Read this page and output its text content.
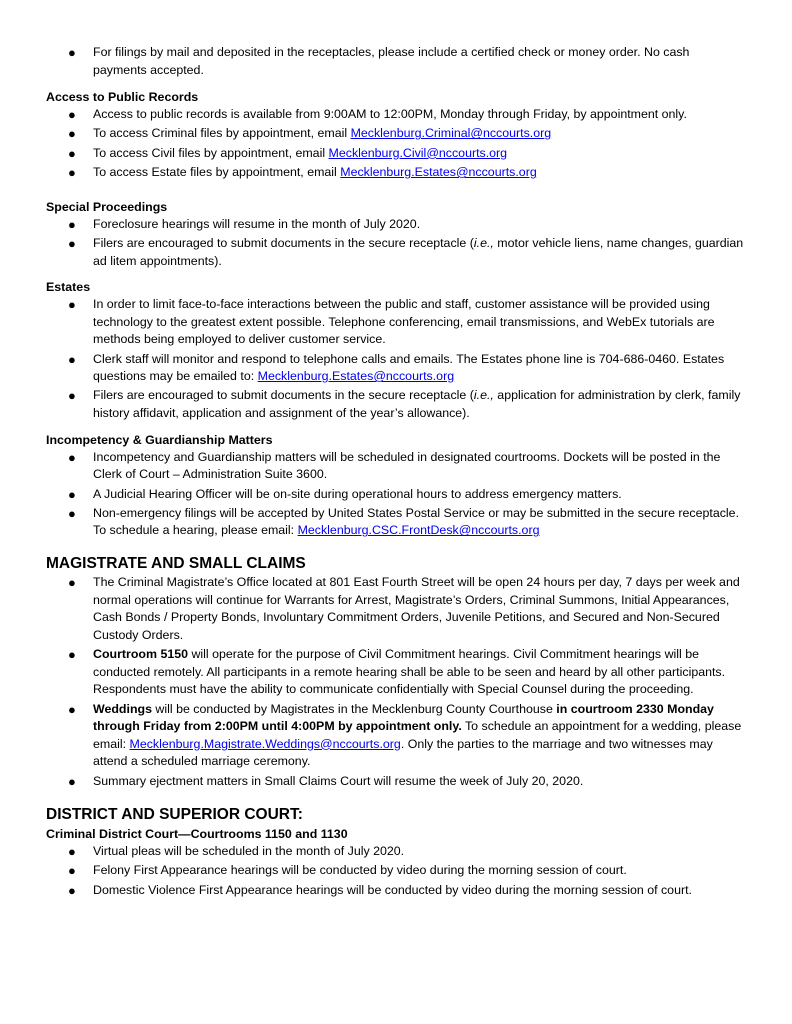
● For filings by mail and deposited in the receptacles, please include a certified check or money order. No cash payments accepted.

Access to Public Records

● Access to public records is available from 9:00AM to 12:00PM, Monday through Friday, by appointment only.
● To access Criminal files by appointment, email Mecklenburg.Criminal@nccourts.org
● To access Civil files by appointment, email Mecklenburg.Civil@nccourts.org
● To access Estate files by appointment, email Mecklenburg.Estates@nccourts.org

Special Proceedings

● Foreclosure hearings will resume in the month of July 2020.
● Filers are encouraged to submit documents in the secure receptacle (i.e., motor vehicle liens, name changes, guardian ad litem appointments).

Estates

● In order to limit face-to-face interactions between the public and staff, customer assistance will be provided using technology to the greatest extent possible. Telephone conferencing, email transmissions, and WebEx tutorials are methods being employed to deliver customer service.
● Clerk staff will monitor and respond to telephone calls and emails. The Estates phone line is 704-686-0460. Estates questions may be emailed to: Mecklenburg.Estates@nccourts.org
● Filers are encouraged to submit documents in the secure receptacle (i.e., application for administration by clerk, family history affidavit, application and assignment of the year’s allowance).

Incompetency & Guardianship Matters

● Incompetency and Guardianship matters will be scheduled in designated courtrooms. Dockets will be posted in the Clerk of Court – Administration Suite 3600.
● A Judicial Hearing Officer will be on-site during operational hours to address emergency matters.
● Non-emergency filings will be accepted by United States Postal Service or may be submitted in the secure receptacle. To schedule a hearing, please email: Mecklenburg.CSC.FrontDesk@nccourts.org

MAGISTRATE AND SMALL CLAIMS

● The Criminal Magistrate’s Office located at 801 East Fourth Street will be open 24 hours per day, 7 days per week and normal operations will continue for Warrants for Arrest, Magistrate’s Orders, Criminal Summons, Initial Appearances, Cash Bonds / Property Bonds, Involuntary Commitment Orders, Juvenile Petitions, and Secured and Non-Secured Custody Orders.
● Courtroom 5150 will operate for the purpose of Civil Commitment hearings. Civil Commitment hearings will be conducted remotely. All participants in a remote hearing shall be able to be seen and heard by all other participants. Respondents must have the ability to communicate confidentially with Special Counsel during the proceeding.
● Weddings will be conducted by Magistrates in the Mecklenburg County Courthouse in courtroom 2330 Monday through Friday from 2:00PM until 4:00PM by appointment only. To schedule an appointment for a wedding, please email: Mecklenburg.Magistrate.Weddings@nccourts.org. Only the parties to the marriage and two witnesses may attend a scheduled marriage ceremony.
● Summary ejectment matters in Small Claims Court will resume the week of July 20, 2020.

DISTRICT AND SUPERIOR COURT:

Criminal District Court—Courtrooms 1150 and 1130

● Virtual pleas will be scheduled in the month of July 2020.
● Felony First Appearance hearings will be conducted by video during the morning session of court.
● Domestic Violence First Appearance hearings will be conducted by video during the morning session of court.
